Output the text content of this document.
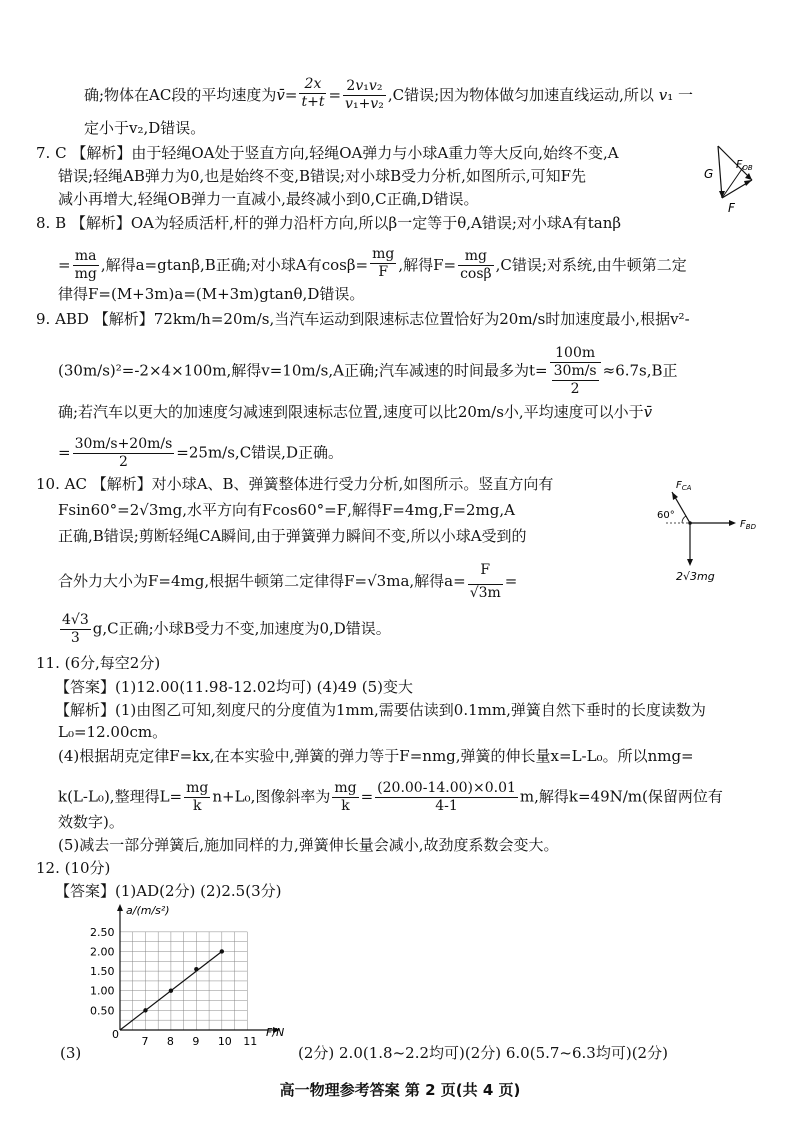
确;物体在AC段的平均速度为v̄= $\frac{2x}{t+t} = \frac{\text{2v₁v₂}}{\text{v₁+v₂}} ,C$错误;因为物体做匀加速直线运动,所以 v₁ 一
定小于v₂,D错误。
7. C 【解析】由于轻绳OA处于竖直方向,轻绳OA弹力与小球A重力等大反向,始终不变,A
错误;轻绳AB弹力为0,也是始终不变,B错误;对小球B受力分析,如图所示,可知F先
减小再增大,轻绳OB弹力一直减小,最终减小到0,C正确,D错误。
G
FOB
F
8. B 【解析】OA为轻质活杆,杆的弹力沿杆方向,所以β一定等于θ,A错误;对小球A有tanβ
= $\frac{ma}{mg}$ ,解得a=gtanβ,B正确;对小球A有$\cos\beta= \frac{mg}{F}$ ,解得$F= \frac{mg}{\cos\beta} ,C$错误;对系统,由牛顿第二定
律得F=(M+3m)a=(M+3m)gtanθ,D错误。
9. ABD 【解析】72km/h=20m/s,当汽车运动到限速标志位置恰好为20m/s时加速度最小,根据v²-
(30m/s)²=-2×4×100m,解得v=10m/s,A正确;汽车减速的时间最多为$t= \frac{100m}{\frac{30m/s}{2}} \approx 6.7s,B$正
确;若汽车以更大的加速度匀减速到限速标志位置,速度可以比20m/s小,平均速度可以小于v̄
= $\frac{30m/s+20m/s}{2} =25m/s,C$错误,D正确。
10. AC 【解析】对小球A、B、弹簧整体进行受力分析,如图所示。竖直方向有
Fsin60°=2√3mg,水平方向有Fcos60°=F,解得F=4mg,F=2mg,A
正确,B错误;剪断轻绳CA瞬间,由于弹簧弹力瞬间不变,所以小球A受到的
合外力大小为F=4mg,根据牛顿第二定律得F=√3ma,解得$a= \frac{F}{√3m}$ =
$\frac{4√3}{3} g,C$正确;小球B受力不变,加速度为0,D错误。
$F_{CA}$
60°
$F_{BD}$
2√3mg
11. (6分,每空2分)
【答案】(1)12.00(11.98-12.02均可) (4)49 (5)变大
【解析】(1)由图乙可知,刻度尺的分度值为1mm,需要估读到0.1mm,弹簧自然下垂时的长度读数为
L₀=12.00cm。
(4)根据胡克定律F=kx,在本实验中,弹簧的弹力等于F=nmg,弹簧的伸长量x=L-L₀。所以nmg=
k(L-L₀),整理得$L= \frac{mg}{k} n+L_0$,图像斜率为 $\frac{mg}{k} = \frac{(20.00-14.00)\times 0.01}{4-1} m$,解得k=49N/m(保留两位有
效数字)。
(5)减去一部分弹簧后,施加同样的力,弹簧伸长量会减小,故劲度系数会变大。
12. (10分)
【答案】(1)AD(2分) (2)2.5(3分)
(3)	(2分) 2.0(1.8~2.2均可)(2分) 6.0(5.7~6.3均可)(2分)
7 8 9 10 11
0.50
1.00
1.50
2.00
2.50
a/(m/s²)
F/N
0
高一物理参考答案 第 2 页(共 4 页)
